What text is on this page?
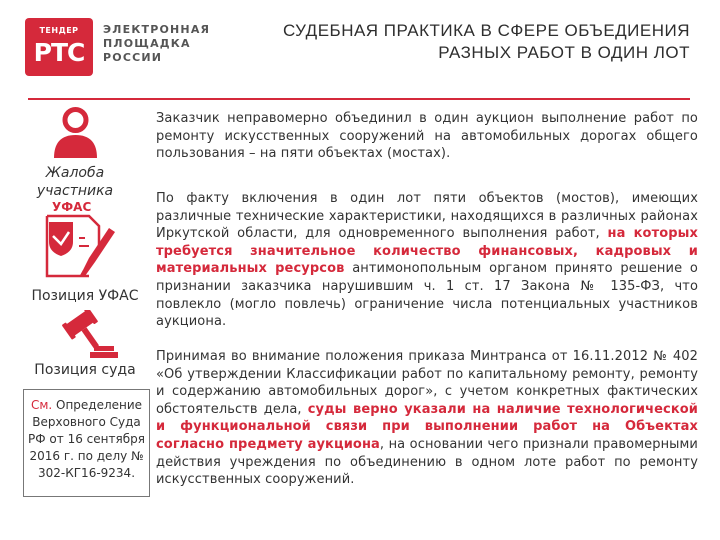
ТЕНДЕР
РТС
ЭЛЕКТРОННАЯ
ПЛОЩАДКА
РОССИИ
СУДЕБНАЯ ПРАКТИКА В СФЕРЕ ОБЪЕДИЕНИЯ
РАЗНЫХ РАБОТ В ОДИН ЛОТ
Жалоба
участника
УФАС
Позиция УФАС
Позиция суда
См. Определение
Верховного Суда
РФ от 16 сентября
2016 г. по делу №
302-КГ16-9234.

Заказчик неправомерно объединил в один аукцион выполнение работ по ремонту искусственных сооружений на автомобильных дорогах общего пользования – на пяти объектах (мостах).

По факту включения в один лот пяти объектов (мостов), имеющих различные технические характеристики, находящихся в различных районах Иркутской области, для одновременного выполнения работ, на которых требуется значительное количество финансовых, кадровых и материальных ресурсов антимонопольным органом принято решение о признании заказчика нарушившим ч. 1 ст. 17 Закона № 135-ФЗ, что повлекло (могло повлечь) ограничение числа потенциальных участников аукциона.

Принимая во внимание положения приказа Минтранса от 16.11.2012 № 402 «Об утверждении Классификации работ по капитальному ремонту, ремонту и содержанию автомобильных дорог», с учетом конкретных фактических обстоятельств дела, суды верно указали на наличие технологической и функциональной связи при выполнении работ на Объектах согласно предмету аукциона, на основании чего признали правомерными действия учреждения по объединению в одном лоте работ по ремонту искусственных сооружений.
